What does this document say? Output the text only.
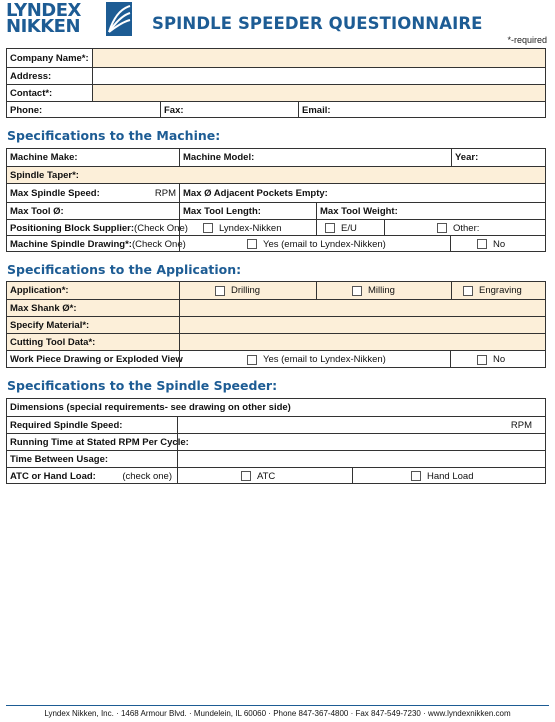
LYNDEX
NIKKEN	SPINDLE SPEEDER QUESTIONNAIRE
*-required
Company Name*:
Address:
Contact*:
Phone:	Fax:	Email:
Specifications to the Machine:
Machine Make:	Machine Model:	Year:
Spindle Taper*:
Max Spindle Speed:	RPM Max Ø Adjacent Pockets Empty:
Max Tool Ø:	Max Tool Length:	Max Tool Weight:
Positioning Block Supplier: (Check One)	Lyndex-Nikken	E/U	Other:
Machine Spindle Drawing*: (Check One)	Yes (email to Lyndex-Nikken)	No
Specifications to the Application:
Application*:	Drilling	Milling	Engraving
Max Shank Ø*:
Specify Material*:
Cutting Tool Data*:
Work Piece Drawing or Exploded View	Yes (email to Lyndex-Nikken)	No
Specifications to the Spindle Speeder:
Dimensions (special requirements- see drawing on other side)
Required Spindle Speed:	RPM
Running Time at Stated RPM Per Cycle:
Time Between Usage:
ATC or Hand Load:	(check one)	ATC	Hand Load
Lyndex Nikken, Inc. · 1468 Armour Blvd. · Mundelein, IL 60060 · Phone 847-367-4800 · Fax 847-549-7230 · www.lyndexnikken.com
